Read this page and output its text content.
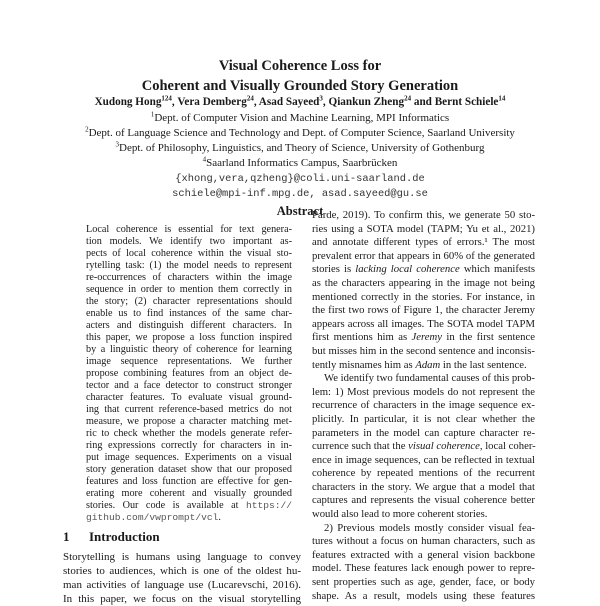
Visual Coherence Loss for
Coherent and Visually Grounded Story Generation
Xudong Hong$^{124}$, Vera Demberg$^{24}$, Asad Sayeed$^3$, Qiankun Zheng$^{24}$ and Bernt Schiele$^{14}$
$^1$Dept. of Computer Vision and Machine Learning, MPI Informatics
$^2$Dept. of Language Science and Technology and Dept. of Computer Science, Saarland University
$^3$Dept. of Philosophy, Linguistics, and Theory of Science, University of Gothenburg
$^4$Saarland Informatics Campus, Saarbrücken
{xhong,vera,qzheng}@coli.uni-saarland.de
schiele@mpi-inf.mpg.de, asad.sayeed@gu.se
Abstract
Local coherence is essential for text genera-
tion models. We identify two important as-
pects of local coherence within the visual sto-
rytelling task: (1) the model needs to represent
re-occurrences of characters within the image
sequence in order to mention them correctly in
the story; (2) character representations should
enable us to find instances of the same char-
acters and distinguish different characters. In
this paper, we propose a loss function inspired
by a linguistic theory of coherence for learning
image sequence representations. We further
propose combining features from an object de-
tector and a face detector to construct stronger
character features. To evaluate visual ground-
ing that current reference-based metrics do not
measure, we propose a character matching met-
ric to check whether the models generate refer-
ring expressions correctly for characters in in-
put image sequences. Experiments on a visual
story generation dataset show that our proposed
features and loss function are effective for gen-
erating more coherent and visually grounded
stories. Our code is available at https://
github.com/vwprompt/vcl.
1 Introduction
Storytelling is humans using language to convey
stories to audiences, which is one of the oldest hu-
man activities of language use (Lucarevschi, 2016).
In this paper, we focus on the visual storytelling
Parde, 2019). To confirm this, we generate 50 sto-
ries using a SOTA model (TAPM; Yu et al., 2021)
and annotate different types of errors.¹ The most
prevalent error that appears in 60% of the generated
stories is lacking local coherence which manifests
as the characters appearing in the image not being
mentioned correctly in the stories. For instance, in
the first two rows of Figure 1, the character Jeremy
appears across all images. The SOTA model TAPM
first mentions him as Jeremy in the first sentence
but misses him in the second sentence and inconsis-
tently misnames him as Adam in the last sentence.
We identify two fundamental causes of this prob-
lem: 1) Most previous models do not represent the
recurrence of characters in the image sequence ex-
plicitly. In particular, it is not clear whether the
parameters in the model can capture character re-
currence such that the visual coherence, local coher-
ence in image sequences, can be reflected in textual
coherence by repeated mentions of the recurrent
characters in the story. We argue that a model that
captures and represents the visual coherence better
would also lead to more coherent stories.
2) Previous models mostly consider visual fea-
tures without a focus on human characters, such as
features extracted with a general vision backbone
model. These features lack enough power to repre-
sent properties such as age, gender, face, or body
shape. As a result, models using these features
